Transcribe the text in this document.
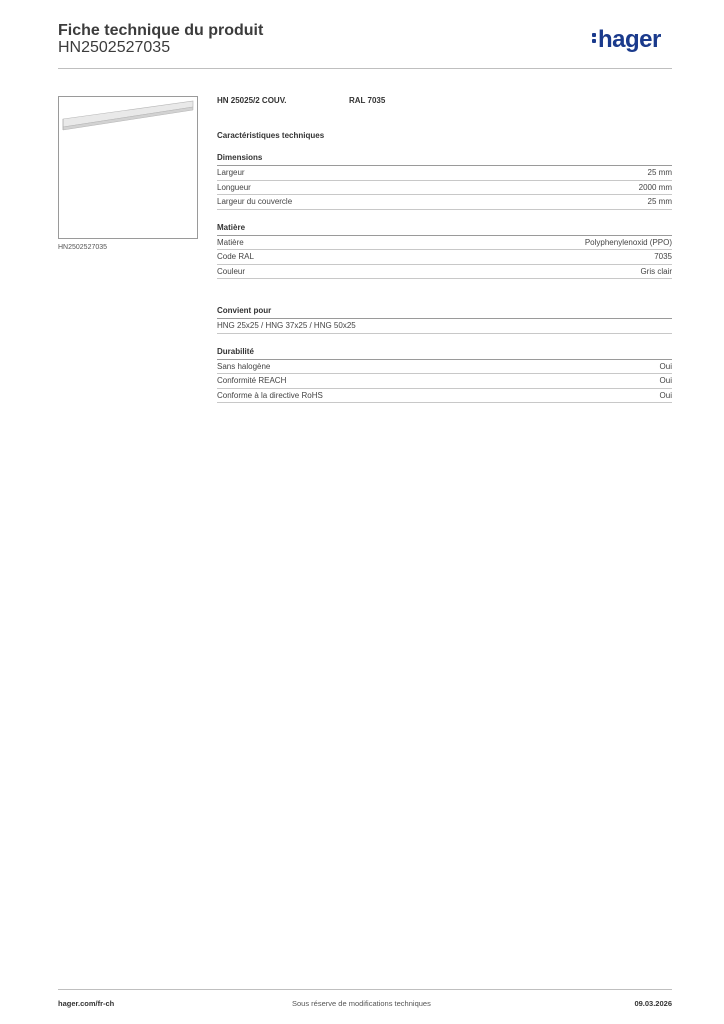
Fiche technique du produit
HN2502527035	hager
HN2502527035
HN 25025/2 COUV.	RAL 7035
Caractéristiques techniques
Dimensions
Largeur	25 mm
Longueur	2000 mm
Largeur du couvercle	25 mm
Matière
Matière	Polyphenylenoxid (PPO)
Code RAL	7035
Couleur	Gris clair
Convient pour
HNG 25x25 / HNG 37x25 / HNG 50x25
Durabilité
Sans halogène	Oui
Conformité REACH	Oui
Conforme à la directive RoHS	Oui
hager.com/fr-ch	Sous réserve de modifications techniques	09.03.2026
